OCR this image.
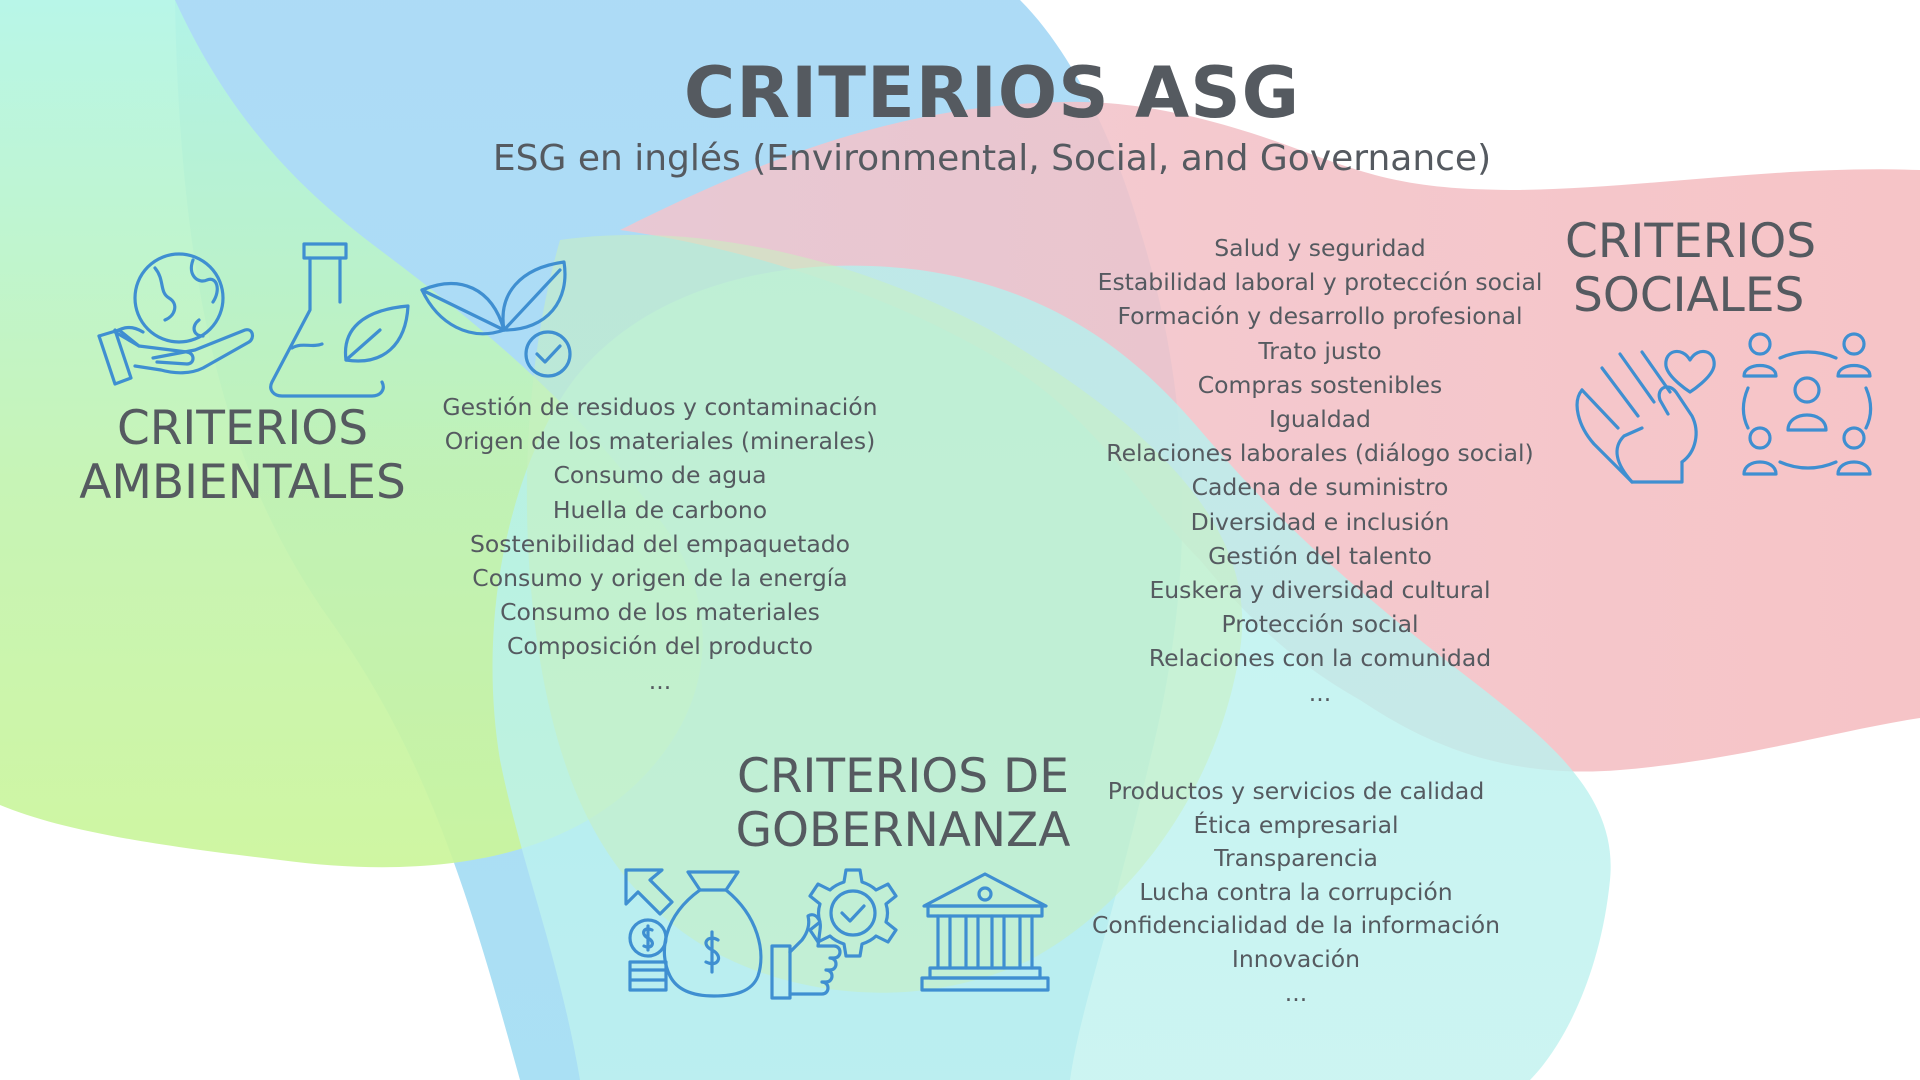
CRITERIOS ASG
ESG en inglés (Environmental, Social, and Governance)
CRITERIOS
AMBIENTALES
Gestión de residuos y contaminación
Origen de los materiales (minerales)
Consumo de agua
Huella de carbono
Sostenibilidad del empaquetado
Consumo y origen de la energía
Consumo de los materiales
Composición del producto
...
Salud y seguridad
Estabilidad laboral y protección social
Formación y desarrollo profesional
Trato justo
Compras sostenibles
Igualdad
Relaciones laborales (diálogo social)
Cadena de suministro
Diversidad e inclusión
Gestión del talento
Euskera y diversidad cultural
Protección social
Relaciones con la comunidad
...
CRITERIOS
SOCIALES
CRITERIOS DE
GOBERNANZA
Productos y servicios de calidad
Ética empresarial
Transparencia
Lucha contra la corrupción
Confidencialidad de la información
Innovación
...
